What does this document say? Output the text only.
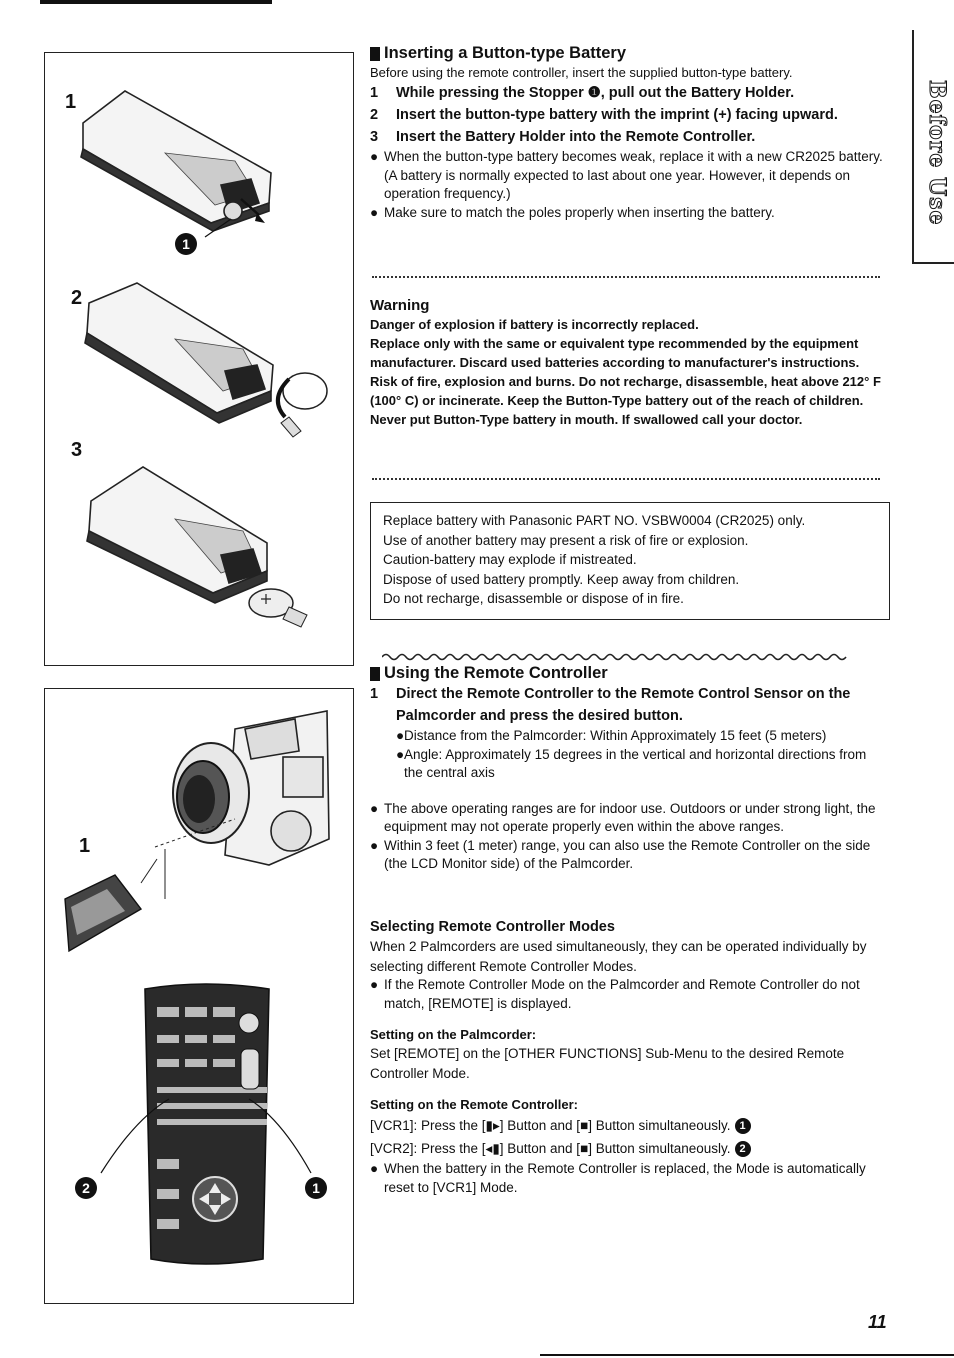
1
2
3
1
1
2	1
Inserting a Button-type Battery
Before using the remote controller, insert the supplied button-type battery.
1	While pressing the Stopper ❶, pull out the Battery Holder.
2	Insert the button-type battery with the imprint (+) facing upward.
3	Insert the Battery Holder into the Remote Controller.
● When the button-type battery becomes weak, replace it with a new CR2025 battery. (A battery is normally expected to last about one year. However, it depends on operation frequency.)
● Make sure to match the poles properly when inserting the battery.
Warning
Danger of explosion if battery is incorrectly replaced.
Replace only with the same or equivalent type recommended by the equipment manufacturer. Discard used batteries according to manufacturer's instructions.
Risk of fire, explosion and burns. Do not recharge, disassemble, heat above 212° F (100° C) or incinerate. Keep the Button-Type battery out of the reach of children. Never put Button-Type battery in mouth. If swallowed call your doctor.
Replace battery with Panasonic PART NO. VSBW0004 (CR2025) only.
Use of another battery may present a risk of fire or explosion.
Caution-battery may explode if mistreated.
Dispose of used battery promptly. Keep away from children.
Do not recharge, disassemble or dispose of in fire.
Using the Remote Controller
1	Direct the Remote Controller to the Remote Control Sensor on the Palmcorder and press the desired button.
● Distance from the Palmcorder: Within Approximately 15 feet (5 meters)
● Angle: Approximately 15 degrees in the vertical and horizontal directions from the central axis
● The above operating ranges are for indoor use. Outdoors or under strong light, the equipment may not operate properly even within the above ranges.
● Within 3 feet (1 meter) range, you can also use the Remote Controller on the side (the LCD Monitor side) of the Palmcorder.
Selecting Remote Controller Modes
When 2 Palmcorders are used simultaneously, they can be operated individually by selecting different Remote Controller Modes.
● If the Remote Controller Mode on the Palmcorder and Remote Controller do not match, [REMOTE] is displayed.
Setting on the Palmcorder:
Set [REMOTE] on the [OTHER FUNCTIONS] Sub-Menu to the desired Remote Controller Mode.
Setting on the Remote Controller:
[VCR1]: Press the [▮▸] Button and [■] Button simultaneously. 1
[VCR2]: Press the [◂▮] Button and [■] Button simultaneously. 2
● When the battery in the Remote Controller is replaced, the Mode is automatically reset to [VCR1] Mode.
Before Use
11
